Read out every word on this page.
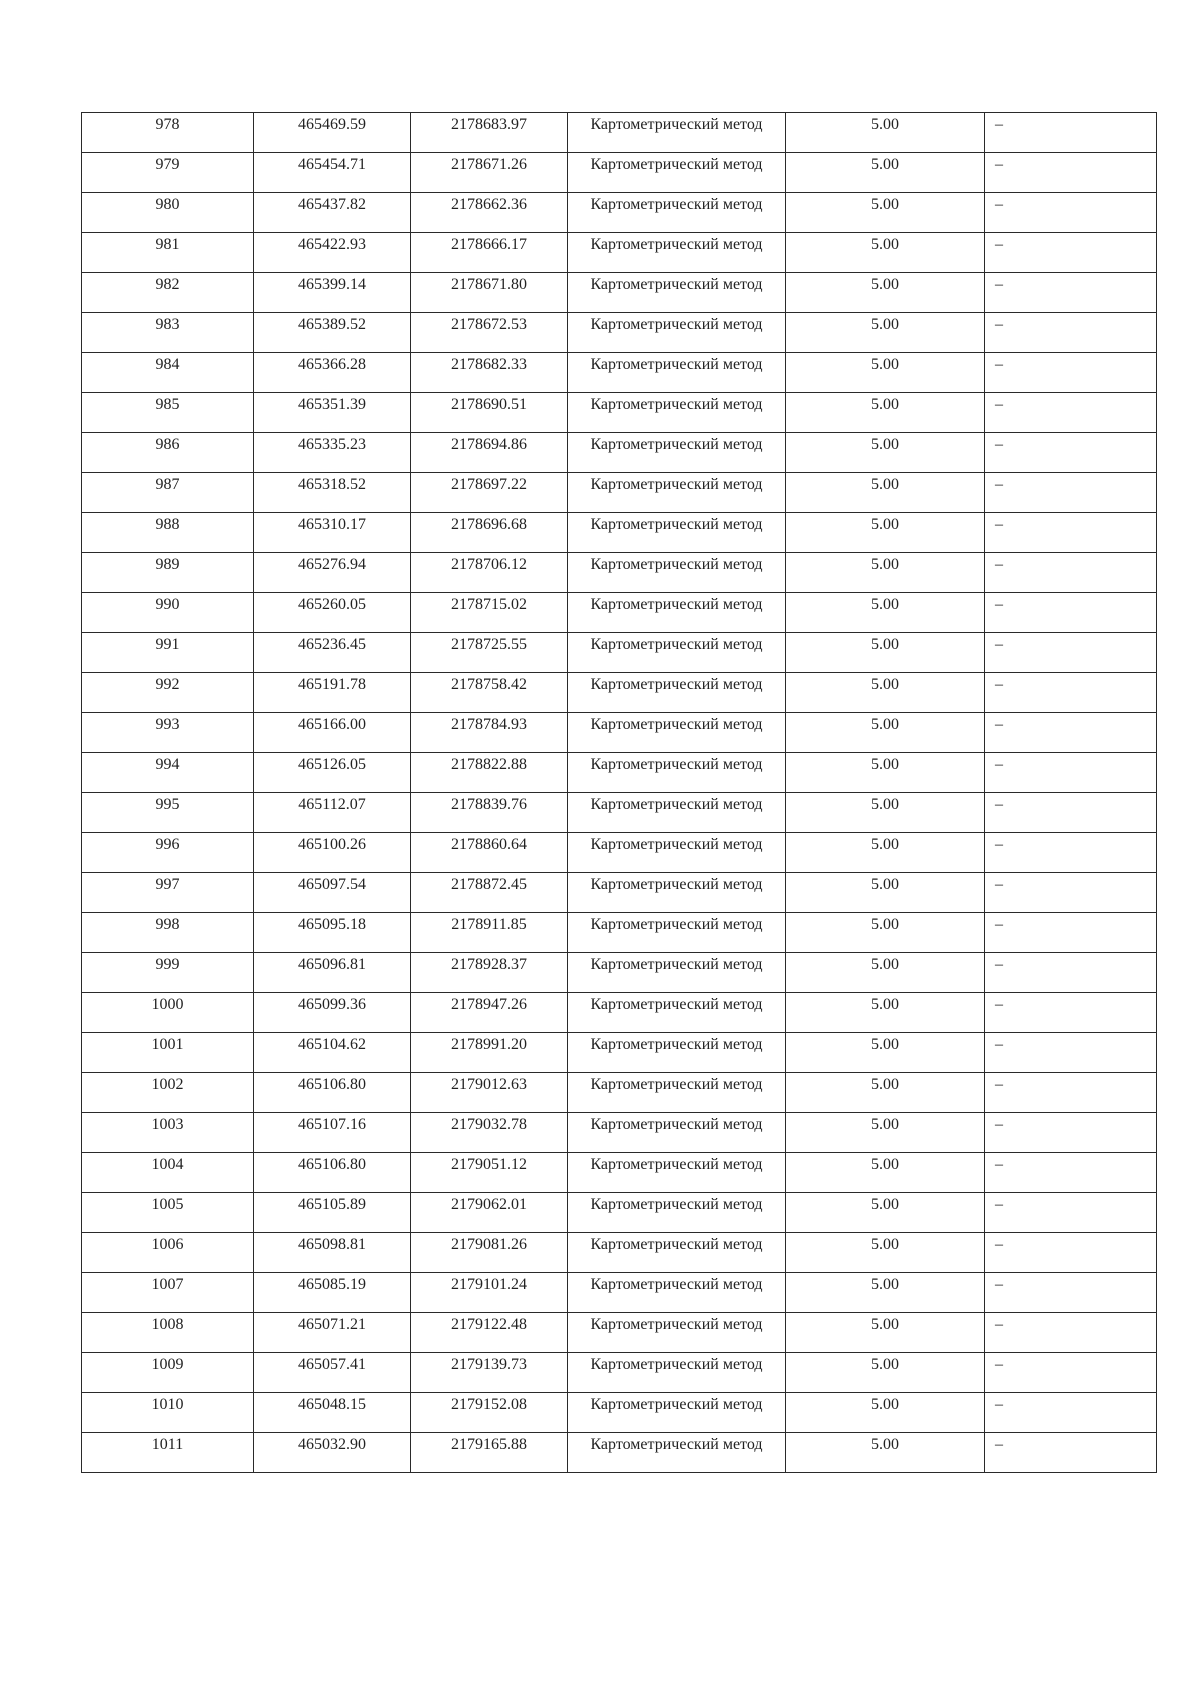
978	465469.59	2178683.97	Картометрический метод	5.00	–

979	465454.71	2178671.26	Картометрический метод	5.00	–

980	465437.82	2178662.36	Картометрический метод	5.00	–

981	465422.93	2178666.17	Картометрический метод	5.00	–

982	465399.14	2178671.80	Картометрический метод	5.00	–

983	465389.52	2178672.53	Картометрический метод	5.00	–

984	465366.28	2178682.33	Картометрический метод	5.00	–

985	465351.39	2178690.51	Картометрический метод	5.00	–

986	465335.23	2178694.86	Картометрический метод	5.00	–

987	465318.52	2178697.22	Картометрический метод	5.00	–

988	465310.17	2178696.68	Картометрический метод	5.00	–

989	465276.94	2178706.12	Картометрический метод	5.00	–

990	465260.05	2178715.02	Картометрический метод	5.00	–

991	465236.45	2178725.55	Картометрический метод	5.00	–

992	465191.78	2178758.42	Картометрический метод	5.00	–

993	465166.00	2178784.93	Картометрический метод	5.00	–

994	465126.05	2178822.88	Картометрический метод	5.00	–

995	465112.07	2178839.76	Картометрический метод	5.00	–

996	465100.26	2178860.64	Картометрический метод	5.00	–

997	465097.54	2178872.45	Картометрический метод	5.00	–

998	465095.18	2178911.85	Картометрический метод	5.00	–

999	465096.81	2178928.37	Картометрический метод	5.00	–

1000	465099.36	2178947.26	Картометрический метод	5.00	–

1001	465104.62	2178991.20	Картометрический метод	5.00	–

1002	465106.80	2179012.63	Картометрический метод	5.00	–

1003	465107.16	2179032.78	Картометрический метод	5.00	–

1004	465106.80	2179051.12	Картометрический метод	5.00	–

1005	465105.89	2179062.01	Картометрический метод	5.00	–

1006	465098.81	2179081.26	Картометрический метод	5.00	–

1007	465085.19	2179101.24	Картометрический метод	5.00	–

1008	465071.21	2179122.48	Картометрический метод	5.00	–

1009	465057.41	2179139.73	Картометрический метод	5.00	–

1010	465048.15	2179152.08	Картометрический метод	5.00	–

1011	465032.90	2179165.88	Картометрический метод	5.00	–
